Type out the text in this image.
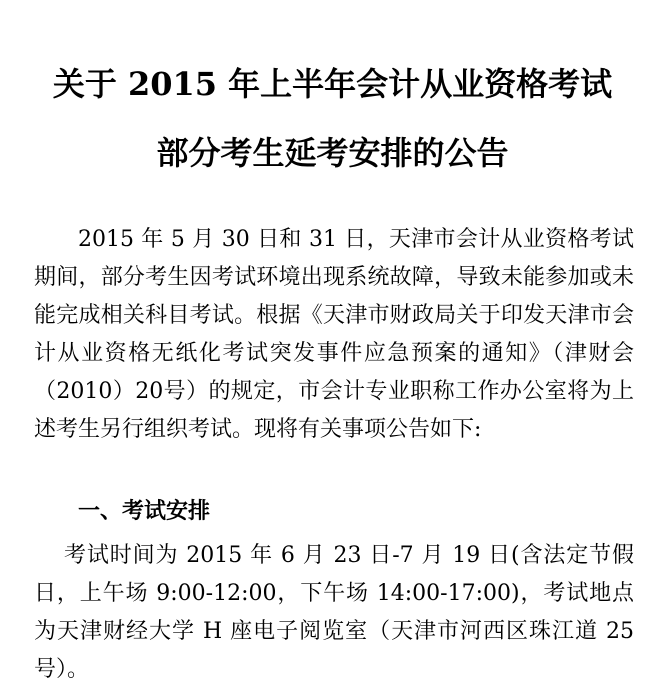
关于 2015 年上半年会计从业资格考试
部分考生延考安排的公告
2015 年 5 月 30 日和 31 日，天津市会计从业资格考试期间，部分考生因考试环境出现系统故障，导致未能参加或未能完成相关科目考试。根据《天津市财政局关于印发天津市会计从业资格无纸化考试突发事件应急预案的通知》（津财会（2010）20号）的规定，市会计专业职称工作办公室将为上述考生另行组织考试。现将有关事项公告如下:
一、考试安排
考试时间为 2015 年 6 月 23 日-7 月 19 日(含法定节假日，上午场 9:00-12:00，下午场 14:00-17:00)，考试地点为天津财经大学 H 座电子阅览室（天津市河西区珠江道 25 号）。
